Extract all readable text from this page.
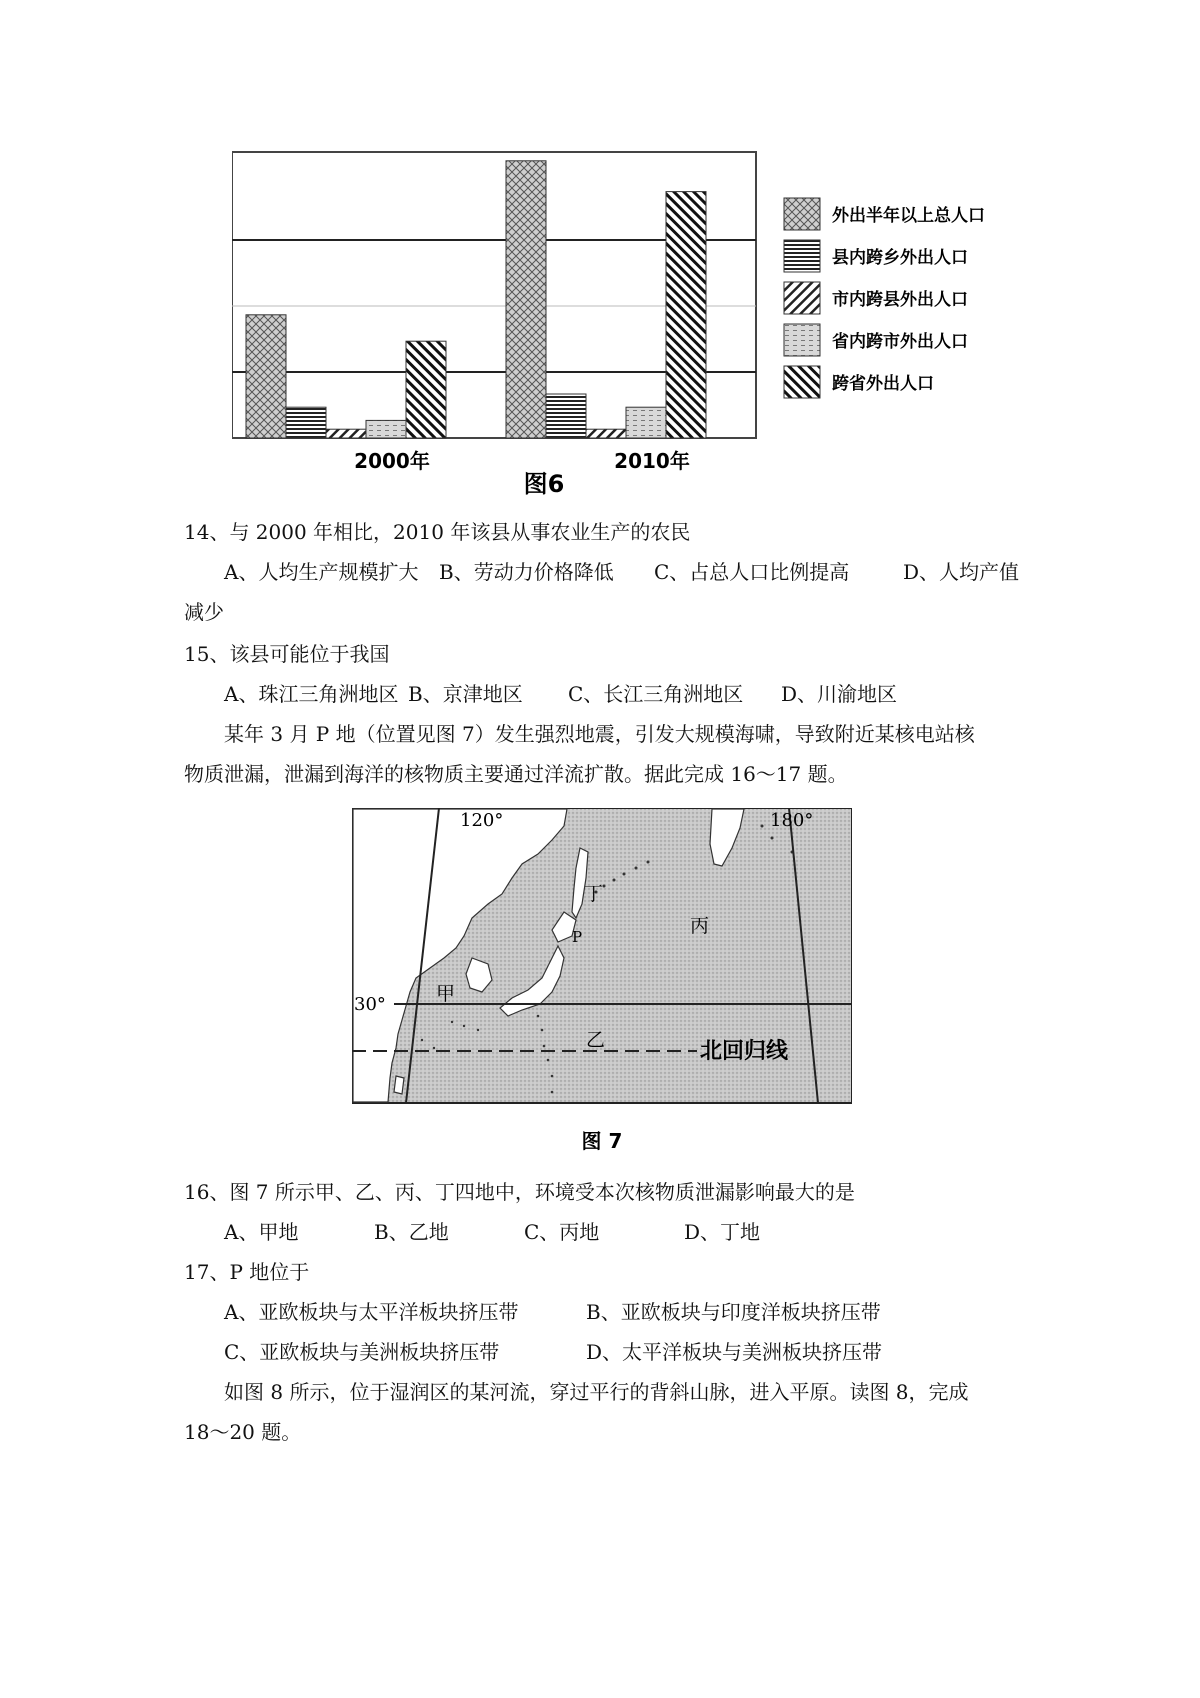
2000年	2010年
图6
外出半年以上总人口
县内跨乡外出人口
市内跨县外出人口
省内跨市外出人口
跨省外出人口
14、与 2000 年相比，2010 年该县从事农业生产的农民
A、人均生产规模扩大 B、劳动力价格降低 C、占总人口比例提高	D、人均产值
减少
15、该县可能位于我国
A、珠江三角洲地区 B、京津地区 C、长江三角洲地区 D、川渝地区
某年 3 月 P 地（位置见图 7）发生强烈地震，引发大规模海啸，导致附近某核电站核
物质泄漏，泄漏到海洋的核物质主要通过洋流扩散。据此完成 16～17 题。
120°	180°
30°
北回归线
P
甲
乙
丙
丁
图 7
16、图 7 所示甲、乙、丙、丁四地中，环境受本次核物质泄漏影响最大的是
A、甲地	B、乙地	C、丙地	D、丁地
17、P 地位于
A、亚欧板块与太平洋板块挤压带	B、亚欧板块与印度洋板块挤压带
C、亚欧板块与美洲板块挤压带	D、太平洋板块与美洲板块挤压带
如图 8 所示，位于湿润区的某河流，穿过平行的背斜山脉，进入平原。读图 8，完成
18～20 题。
